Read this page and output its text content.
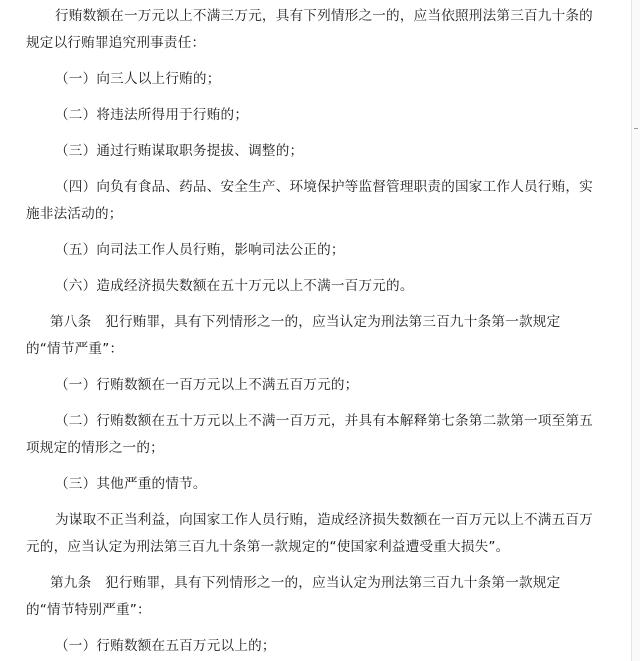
行贿数额在一万元以上不满三万元，具有下列情形之一的，应当依照刑法第三百九十条的
规定以行贿罪追究刑事责任：
（一）向三人以上行贿的；
（二）将违法所得用于行贿的；
（三）通过行贿谋取职务提拔、调整的；
（四）向负有食品、药品、安全生产、环境保护等监督管理职责的国家工作人员行贿，实
施非法活动的；
（五）向司法工作人员行贿，影响司法公正的；
（六）造成经济损失数额在五十万元以上不满一百万元的。
第八条　犯行贿罪，具有下列情形之一的，应当认定为刑法第三百九十条第一款规定
的“情节严重”：
（一）行贿数额在一百万元以上不满五百万元的；
（二）行贿数额在五十万元以上不满一百万元，并具有本解释第七条第二款第一项至第五
项规定的情形之一的；
（三）其他严重的情节。
为谋取不正当利益，向国家工作人员行贿，造成经济损失数额在一百万元以上不满五百万
元的，应当认定为刑法第三百九十条第一款规定的“使国家利益遭受重大损失”。
第九条　犯行贿罪，具有下列情形之一的，应当认定为刑法第三百九十条第一款规定
的“情节特别严重”：
（一）行贿数额在五百万元以上的；
